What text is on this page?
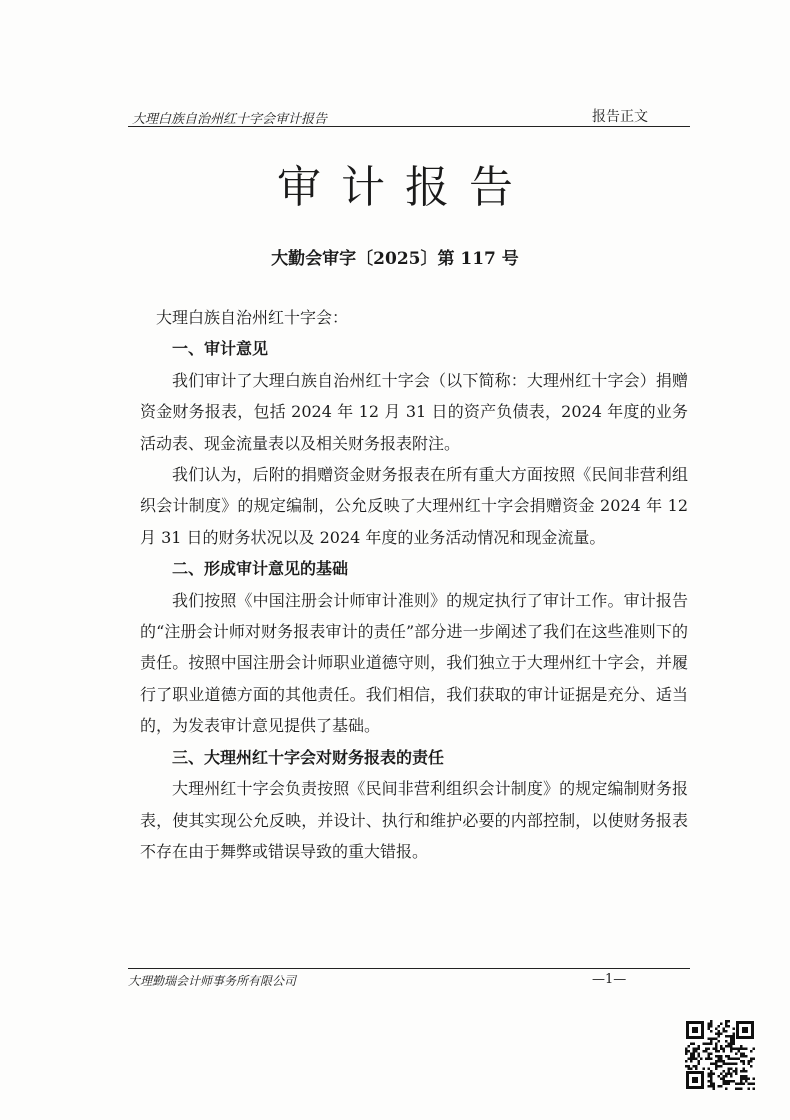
大理白族自治州红十字会审计报告	报告正文
审计报告
大勤会审字〔2025〕第 117 号

大理白族自治州红十字会：

一、审计意见

我们审计了大理白族自治州红十字会（以下简称：大理州红十字会）捐赠资金财务报表，包括 2024 年 12 月 31 日的资产负债表，2024 年度的业务活动表、现金流量表以及相关财务报表附注。

我们认为，后附的捐赠资金财务报表在所有重大方面按照《民间非营利组织会计制度》的规定编制，公允反映了大理州红十字会捐赠资金 2024 年 12 月 31 日的财务状况以及 2024 年度的业务活动情况和现金流量。

二、形成审计意见的基础

我们按照《中国注册会计师审计准则》的规定执行了审计工作。审计报告的“注册会计师对财务报表审计的责任”部分进一步阐述了我们在这些准则下的责任。按照中国注册会计师职业道德守则，我们独立于大理州红十字会，并履行了职业道德方面的其他责任。我们相信，我们获取的审计证据是充分、适当的，为发表审计意见提供了基础。

三、大理州红十字会对财务报表的责任

大理州红十字会负责按照《民间非营利组织会计制度》的规定编制财务报表，使其实现公允反映，并设计、执行和维护必要的内部控制，以使财务报表不存在由于舞弊或错误导致的重大错报。

大理勤瑞会计师事务所有限公司	—1—
